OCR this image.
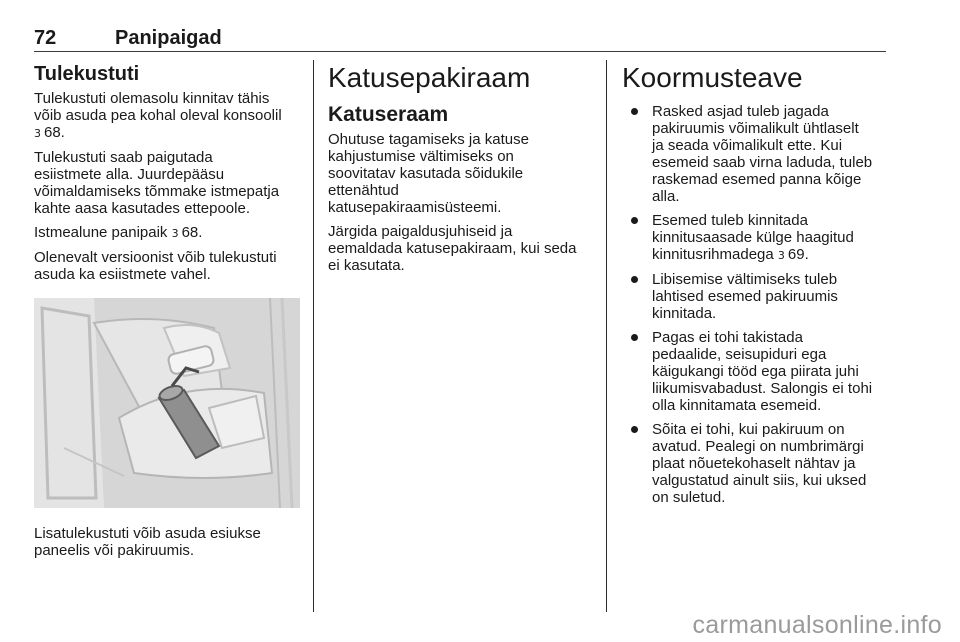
72	Panipaigad
Tulekustuti

Tulekustuti olemasolu kinnitav tähis
võib asuda pea kohal oleval konsoolil
3 68.

Tulekustuti saab paigutada
esiistmete alla. Juurdepääsu
võimaldamiseks tõmmake istmepatja
kahte aasa kasutades ettepoole.

Istmealune panipaik 3 68.

Olenevalt versioonist võib tulekustuti
asuda ka esiistmete vahel.

Lisatulekustuti võib asuda esiukse
paneelis või pakiruumis.

Katusepakiraam
Katuseraam

Ohutuse tagamiseks ja katuse
kahjustumise vältimiseks on
soovitatav kasutada sõidukile
ettenähtud
katusepakiraamisüsteemi.

Järgida paigaldusjuhiseid ja
eemaldada katusepakiraam, kui seda
ei kasutata.

Koormusteave
Rasked asjad tuleb jagada
pakiruumis võimalikult ühtlaselt
ja seada võimalikult ette. Kui
esemeid saab virna laduda, tuleb
raskemad esemed panna kõige
alla.
Esemed tuleb kinnitada
kinnitusaasade külge haagitud
kinnitusrihmadega 3 69.
Libisemise vältimiseks tuleb
lahtised esemed pakiruumis
kinnitada.
Pagas ei tohi takistada
pedaalide, seisupiduri ega
käigukangi tööd ega piirata juhi
liikumisvabadust. Salongis ei tohi
olla kinnitamata esemeid.
Sõita ei tohi, kui pakiruum on
avatud. Pealegi on numbrimärgi
plaat nõuetekohaselt nähtav ja
valgustatud ainult siis, kui uksed
on suletud.
carmanualsonline.info
